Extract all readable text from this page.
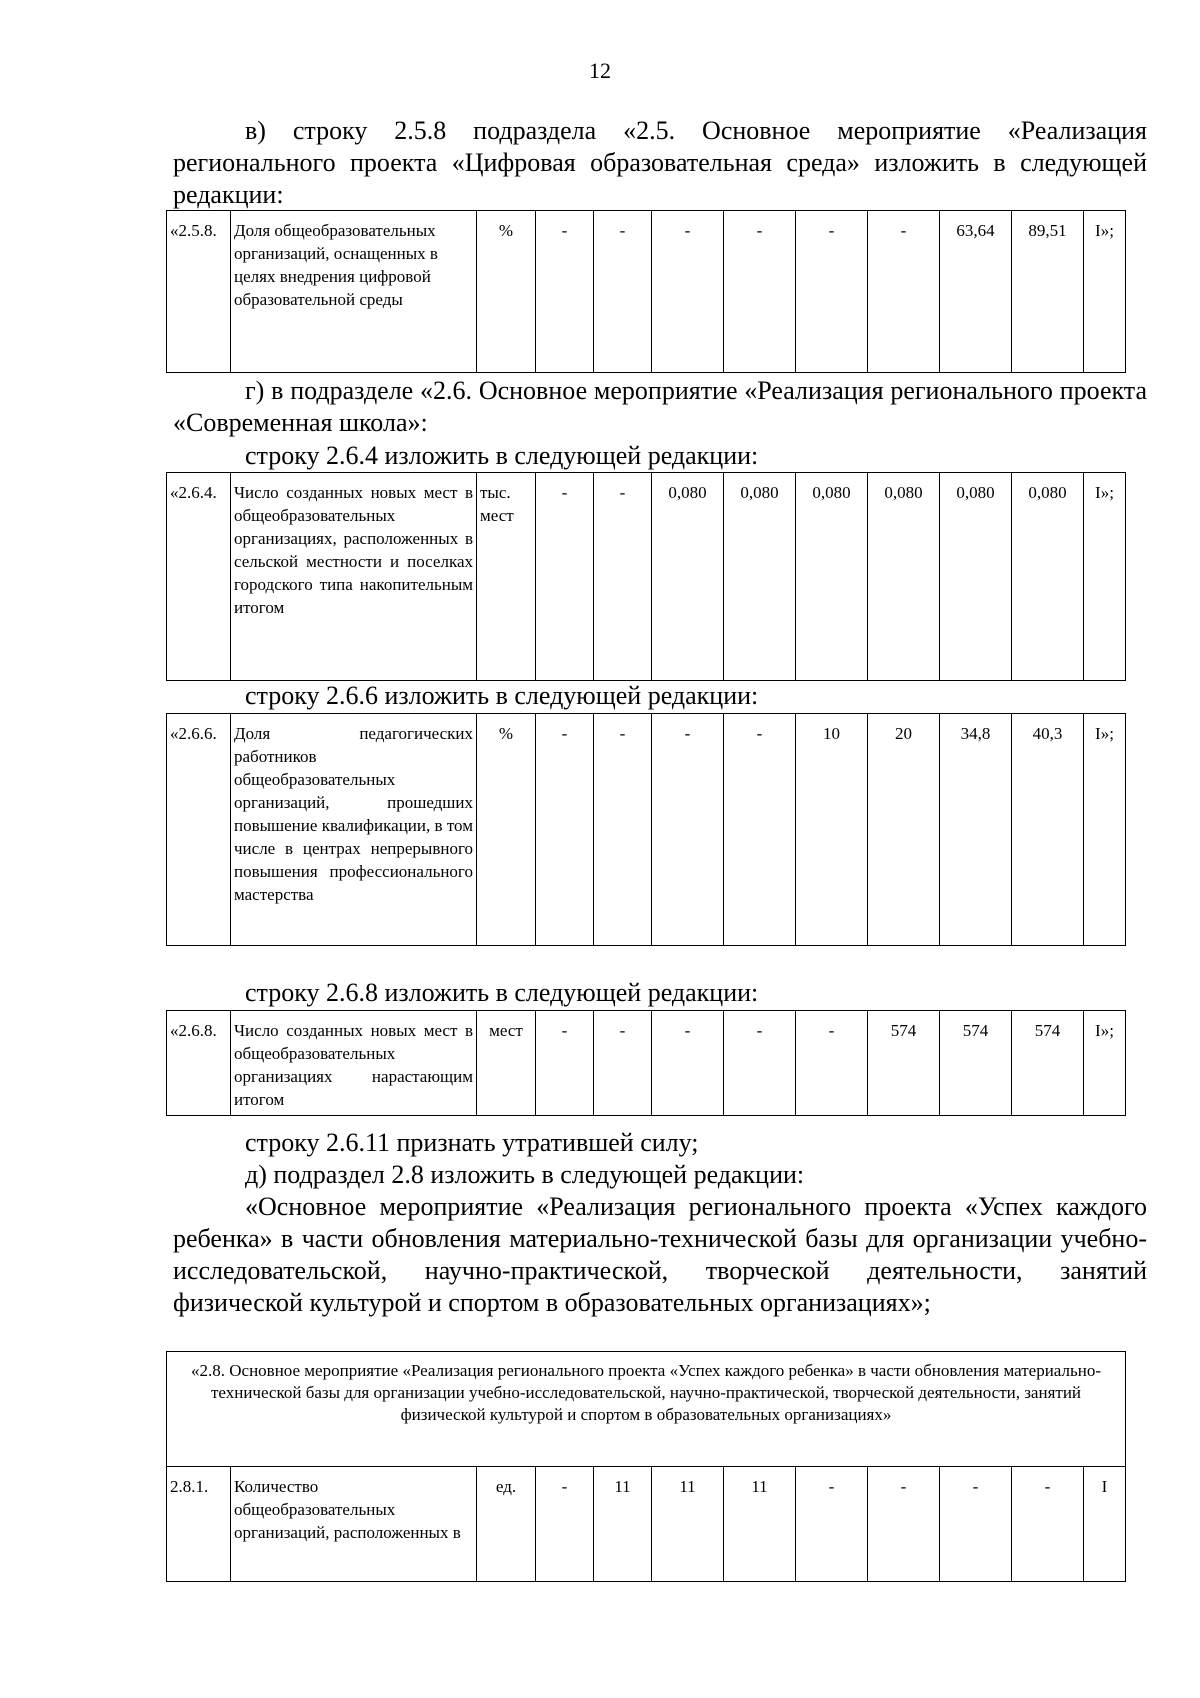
12

в) строку 2.5.8 подраздела «2.5. Основное мероприятие «Реализация регионального проекта «Цифровая образовательная среда» изложить в следующей редакции:

«2.5.8.	Доля общеобразовательных организаций, оснащенных в целях внедрения цифровой образовательной среды	%	-	-	-	-	-	-	63,64	89,51	I»;

г) в подразделе «2.6. Основное мероприятие «Реализация регионального проекта «Современная школа»:

строку 2.6.4 изложить в следующей редакции:

«2.6.4.	Число созданных новых мест в общеобразовательных организациях, расположенных в сельской местности и поселках городского типа накопительным итогом	тыс. мест	-	-	0,080	0,080	0,080	0,080	0,080	0,080	I»;

строку 2.6.6 изложить в следующей редакции:

«2.6.6.	Доля педагогических работников общеобразовательных организаций, прошедших повышение квалификации, в том числе в центрах непрерывного повышения профессионального мастерства	%	-	-	-	-	10	20	34,8	40,3	I»;

строку 2.6.8 изложить в следующей редакции:

«2.6.8.	Число созданных новых мест в общеобразовательных организациях нарастающим итогом	мест	-	-	-	-	-	574	574	574	I»;

строку 2.6.11 признать утратившей силу;

д) подраздел 2.8 изложить в следующей редакции:

«Основное мероприятие «Реализация регионального проекта «Успех каждого ребенка» в части обновления материально-технической базы для организации учебно-исследовательской, научно-практической, творческой деятельности, занятий физической культурой и спортом в образовательных организациях»;

«2.8. Основное мероприятие «Реализация регионального проекта «Успех каждого ребенка» в части обновления материально-технической базы для организации учебно-исследовательской, научно-практической, творческой деятельности, занятий физической культурой и спортом в образовательных организациях»
2.8.1.	Количество общеобразовательных организаций, расположенных в	ед.	-	11	11	11	-	-	-	-	I
